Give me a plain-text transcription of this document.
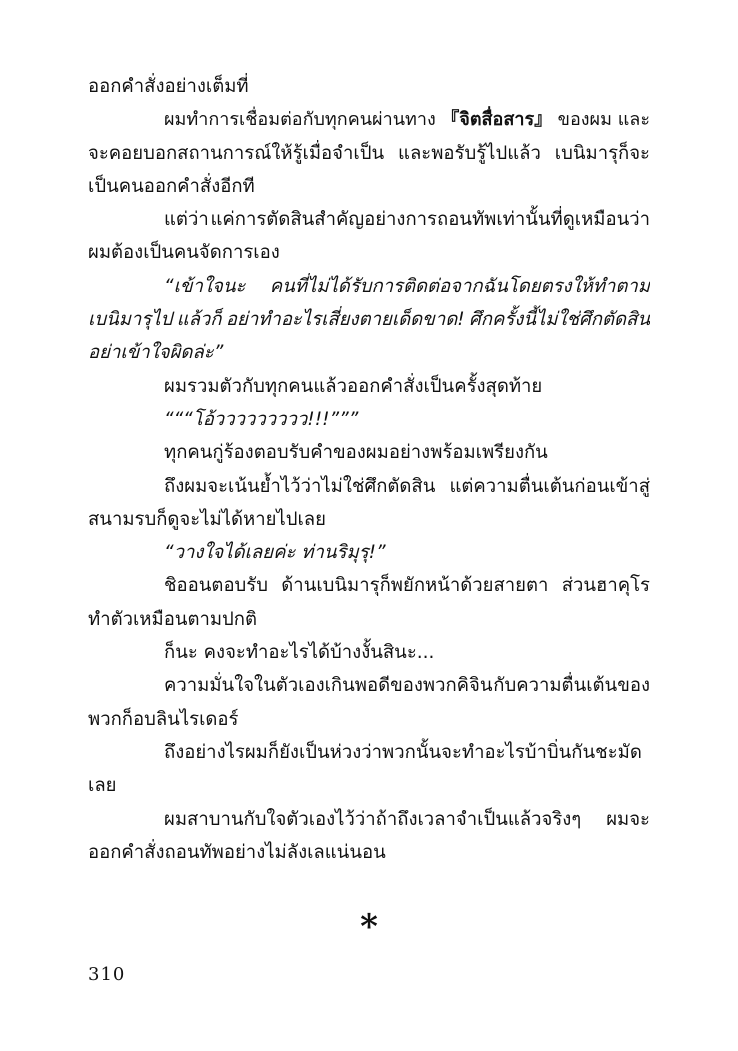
ออกคำสั่งอย่างเต็มที่
ผมทำการเชื่อมต่อกับทุกคนผ่านทาง 『จิตสื่อสาร』 ของผม และ
จะคอยบอกสถานการณ์ให้รู้เมื่อจำเป็น และพอรับรู้ไปแล้ว เบนิมารุก็จะ
เป็นคนออกคำสั่งอีกที
แต่ว่า แค่การตัดสินสำคัญอย่างการถอนทัพเท่านั้นที่ดูเหมือนว่า
ผมต้องเป็นคนจัดการเอง
“เข้าใจนะ คนที่ไม่ได้รับการติดต่อจากฉันโดยตรงให้ทำตาม
เบนิมารุไป แล้วก็ อย่าทำอะไรเสี่ยงตายเด็ดขาด! ศึกครั้งนี้ไม่ใช่ศึกตัดสิน
อย่าเข้าใจผิดล่ะ”
ผมรวมตัวกับทุกคนแล้วออกคำสั่งเป็นครั้งสุดท้าย
“““โอ้ววววววววว!!!”””
ทุกคนกู่ร้องตอบรับคำของผมอย่างพร้อมเพรียงกัน
ถึงผมจะเน้นย้ำไว้ว่าไม่ใช่ศึกตัดสิน แต่ความตื่นเต้นก่อนเข้าสู่
สนามรบก็ดูจะไม่ได้หายไปเลย
“วางใจได้เลยค่ะ ท่านริมุรุ!”
ชิออนตอบรับ ด้านเบนิมารุก็พยักหน้าด้วยสายตา ส่วนฮาคุโร
ทำตัวเหมือนตามปกติ
ก็นะ คงจะทำอะไรได้บ้างงั้นสินะ...
ความมั่นใจในตัวเองเกินพอดีของพวกคิจิน กับความตื่นเต้นของ
พวกก็อบลินไรเดอร์
ถึงอย่างไรผมก็ยังเป็นห่วงว่าพวกนั้นจะทำอะไรบ้าบิ่นกันชะมัด
เลย
ผมสาบานกับใจตัวเองไว้ว่าถ้าถึงเวลาจำเป็นแล้วจริงๆ ผมจะ
ออกคำสั่งถอนทัพอย่างไม่ลังเลแน่นอน
*
310
